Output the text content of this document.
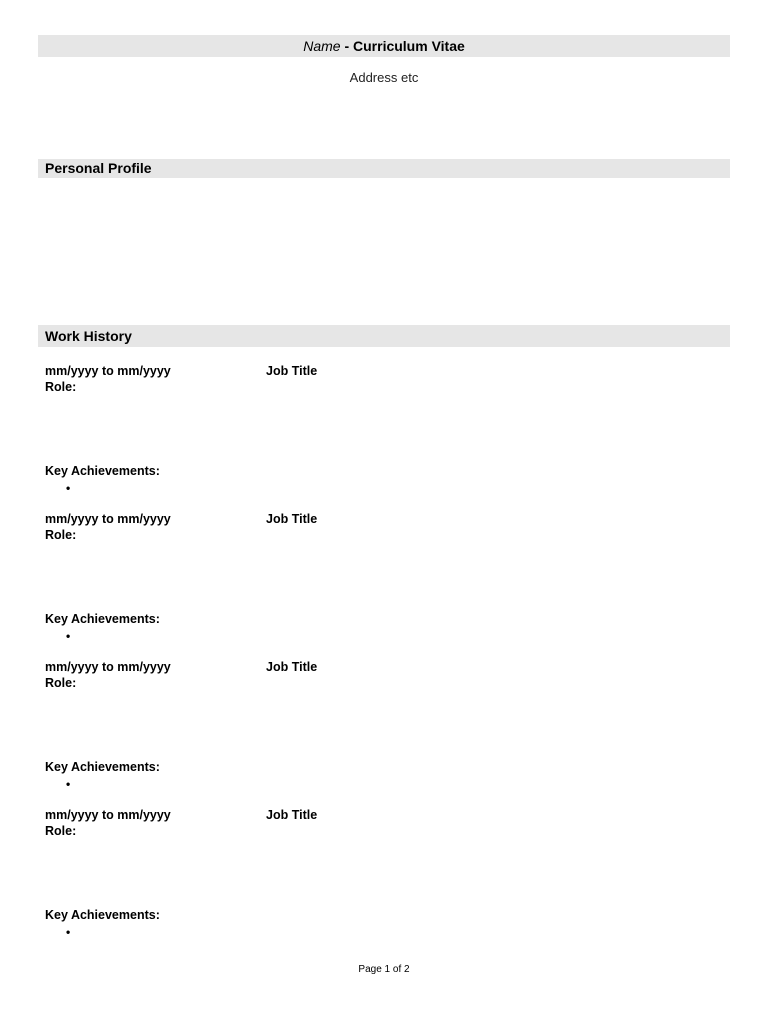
Name - Curriculum Vitae
Address etc
Personal Profile
Work History
mm/yyyy to mm/yyyy	Job Title
Role:
Key Achievements:
•
mm/yyyy to mm/yyyy	Job Title
Role:
Key Achievements:
•
mm/yyyy to mm/yyyy	Job Title
Role:
Key Achievements:
•
mm/yyyy to mm/yyyy	Job Title
Role:
Key Achievements:
•
Page 1 of 2
